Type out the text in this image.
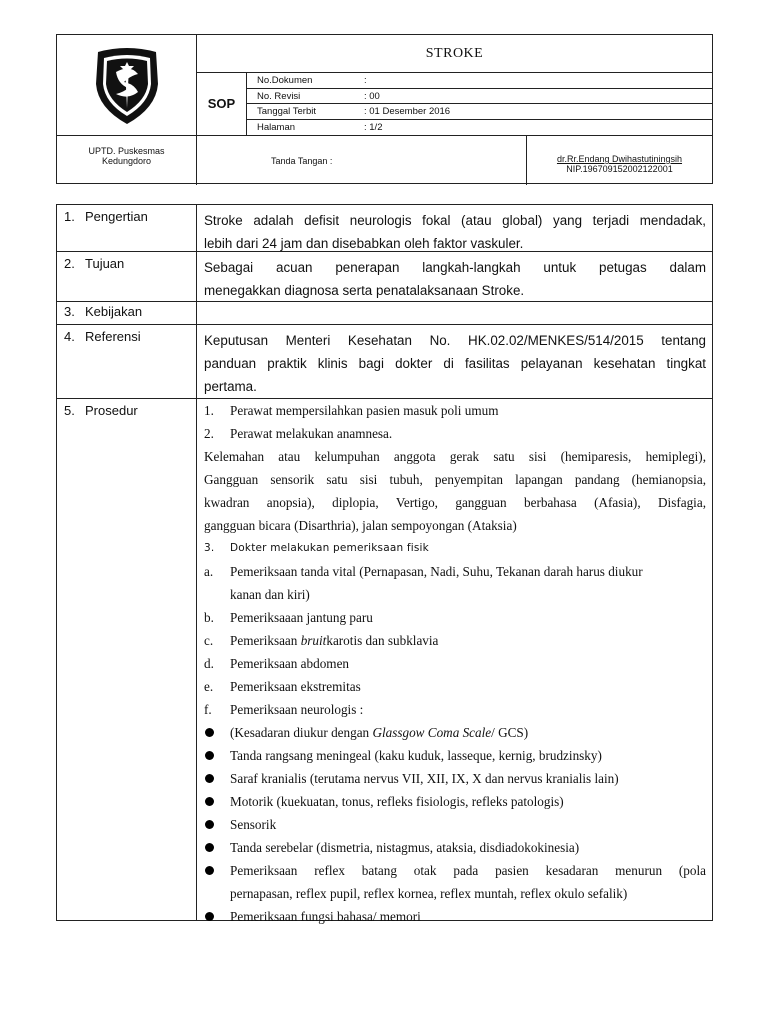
STROKE
SOP
No.Dokumen	:
No. Revisi	: 00
Tanggal Terbit	: 01 Desember 2016
Halaman	: 1/2
UPTD. Puskesmas
Kedungdoro	Tanda Tangan :	dr.Rr.Endang Dwihastutiningsih
NIP.196709152002122001
1. Pengertian	Stroke adalah defisit neurologis fokal (atau global) yang terjadi mendadak,
lebih dari 24 jam dan disebabkan oleh faktor vaskuler.
2. Tujuan	Sebagai acuan penerapan langkah-langkah untuk petugas dalam
menegakkan diagnosa serta penatalaksanaan Stroke.
3. Kebijakan
4. Referensi	Keputusan Menteri Kesehatan No. HK.02.02/MENKES/514/2015 tentang
panduan praktik klinis bagi dokter di fasilitas pelayanan kesehatan tingkat
pertama.
5. Prosedur	1.	Perawat mempersilahkan pasien masuk poli umum
2.	Perawat melakukan anamnesa.
Kelemahan atau kelumpuhan anggota gerak satu sisi (hemiparesis, hemiplegi),
Gangguan sensorik satu sisi tubuh, penyempitan lapangan pandang (hemianopsia,
kwadran anopsia), diplopia, Vertigo, gangguan berbahasa (Afasia), Disfagia,
gangguan bicara (Disarthria), jalan sempoyongan (Ataksia)
3.	Dokter melakukan pemeriksaan fisik
a.	Pemeriksaan tanda vital (Pernapasan, Nadi, Suhu, Tekanan darah harus diukur
kanan dan kiri)
b.	Pemeriksaaan jantung paru
c.	Pemeriksaan bruitkarotis dan subklavia
d.	Pemeriksaan abdomen
e.	Pemeriksaan ekstremitas
f.	Pemeriksaan neurologis :
(Kesadaran diukur dengan Glassgow Coma Scale/ GCS)
Tanda rangsang meningeal (kaku kuduk, lasseque, kernig, brudzinsky)
Saraf kranialis (terutama nervus VII, XII, IX, X dan nervus kranialis lain)
Motorik (kuekuatan, tonus, refleks fisiologis, refleks patologis)
Sensorik
Tanda serebelar (dismetria, nistagmus, ataksia, disdiadokokinesia)
Pemeriksaan reflex batang otak pada pasien kesadaran menurun (pola
pernapasan, reflex pupil, reflex kornea, reflex muntah, reflex okulo sefalik)
Pemeriksaan fungsi bahasa/ memori
